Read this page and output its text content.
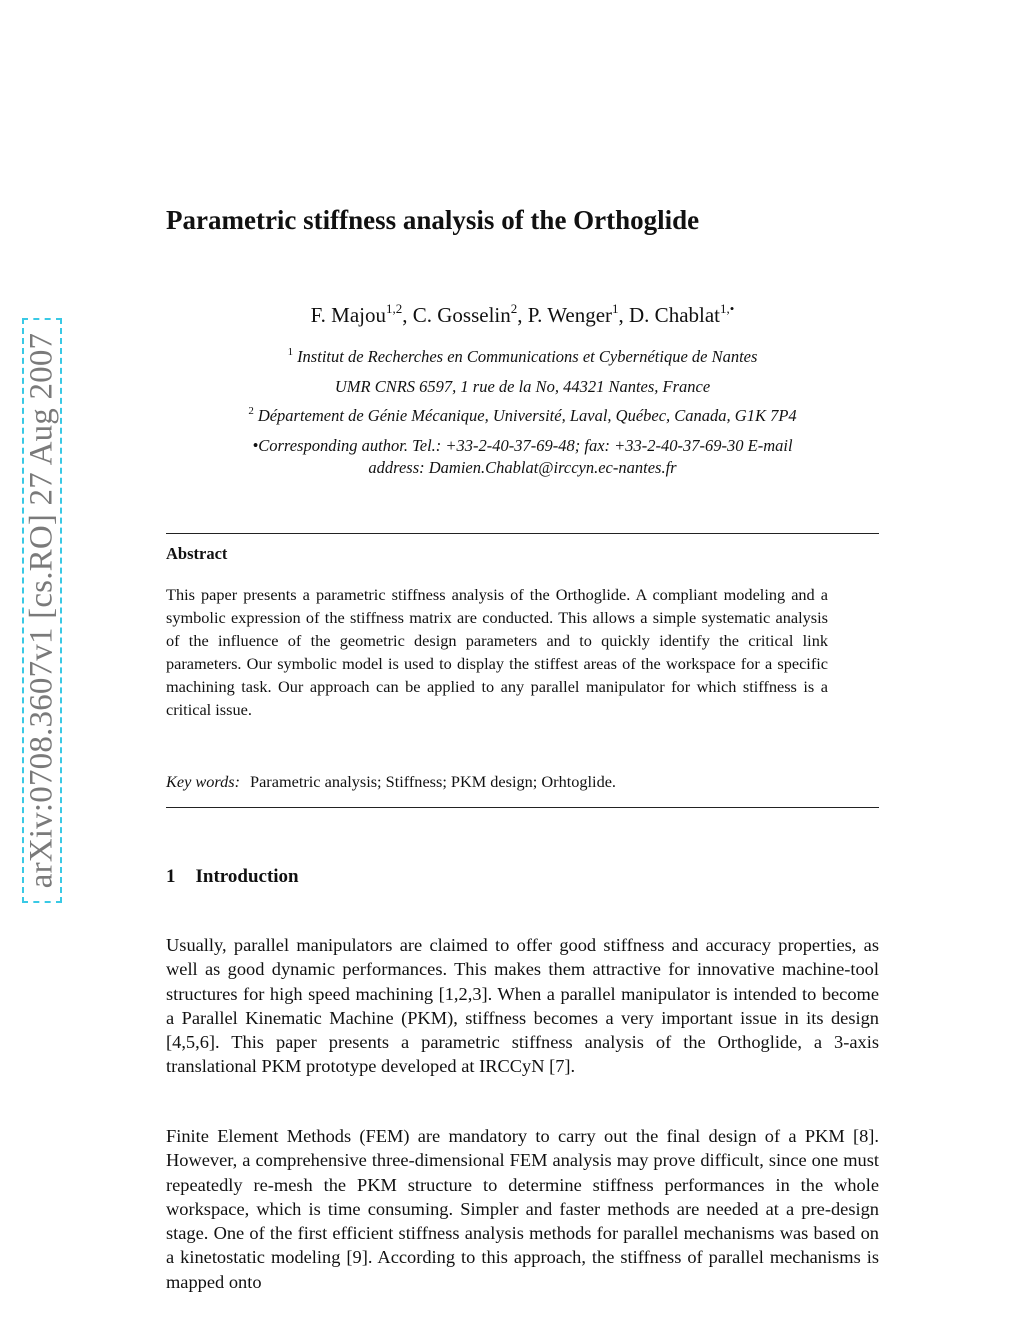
arXiv:0708.3607v1 [cs.RO] 27 Aug 2007
Parametric stiffness analysis of the Orthoglide
F. Majou$^{1,2}$, C. Gosselin$^2$, P. Wenger$^1$, D. Chablat$^{1,•}$
$^1$ Institut de Recherches en Communications et Cybernétique de Nantes
UMR CNRS 6597, 1 rue de la No, 44321 Nantes, France
$^2$ Département de Génie Mécanique, Université, Laval, Québec, Canada, G1K 7P4
•Corresponding author. Tel.: +33-2-40-37-69-48; fax: +33-2-40-37-69-30 E-mail
address: Damien.Chablat@irccyn.ec-nantes.fr
Abstract

This paper presents a parametric stiffness analysis of the Orthoglide. A compliant modeling and a symbolic expression of the stiffness matrix are conducted. This allows a simple systematic analysis of the influence of the geometric design parameters and to quickly identify the critical link parameters. Our symbolic model is used to display the stiffest areas of the workspace for a specific machining task. Our approach can be applied to any parallel manipulator for which stiffness is a critical issue.

Key words: Parametric analysis; Stiffness; PKM design; Orhtoglide.
1 Introduction

Usually, parallel manipulators are claimed to offer good stiffness and accuracy properties, as well as good dynamic performances. This makes them attractive for innovative machine-tool structures for high speed machining [1,2,3]. When a parallel manipulator is intended to become a Parallel Kinematic Machine (PKM), stiffness becomes a very important issue in its design [4,5,6]. This paper presents a parametric stiffness analysis of the Orthoglide, a 3-axis translational PKM prototype developed at IRCCyN [7].

Finite Element Methods (FEM) are mandatory to carry out the final design of a PKM [8]. However, a comprehensive three-dimensional FEM analysis may prove difficult, since one must repeatedly re-mesh the PKM structure to determine stiffness performances in the whole workspace, which is time consuming. Simpler and faster methods are needed at a pre-design stage. One of the first efficient stiffness analysis methods for parallel mechanisms was based on a kinetostatic modeling [9]. According to this approach, the stiffness of parallel mechanisms is mapped onto
